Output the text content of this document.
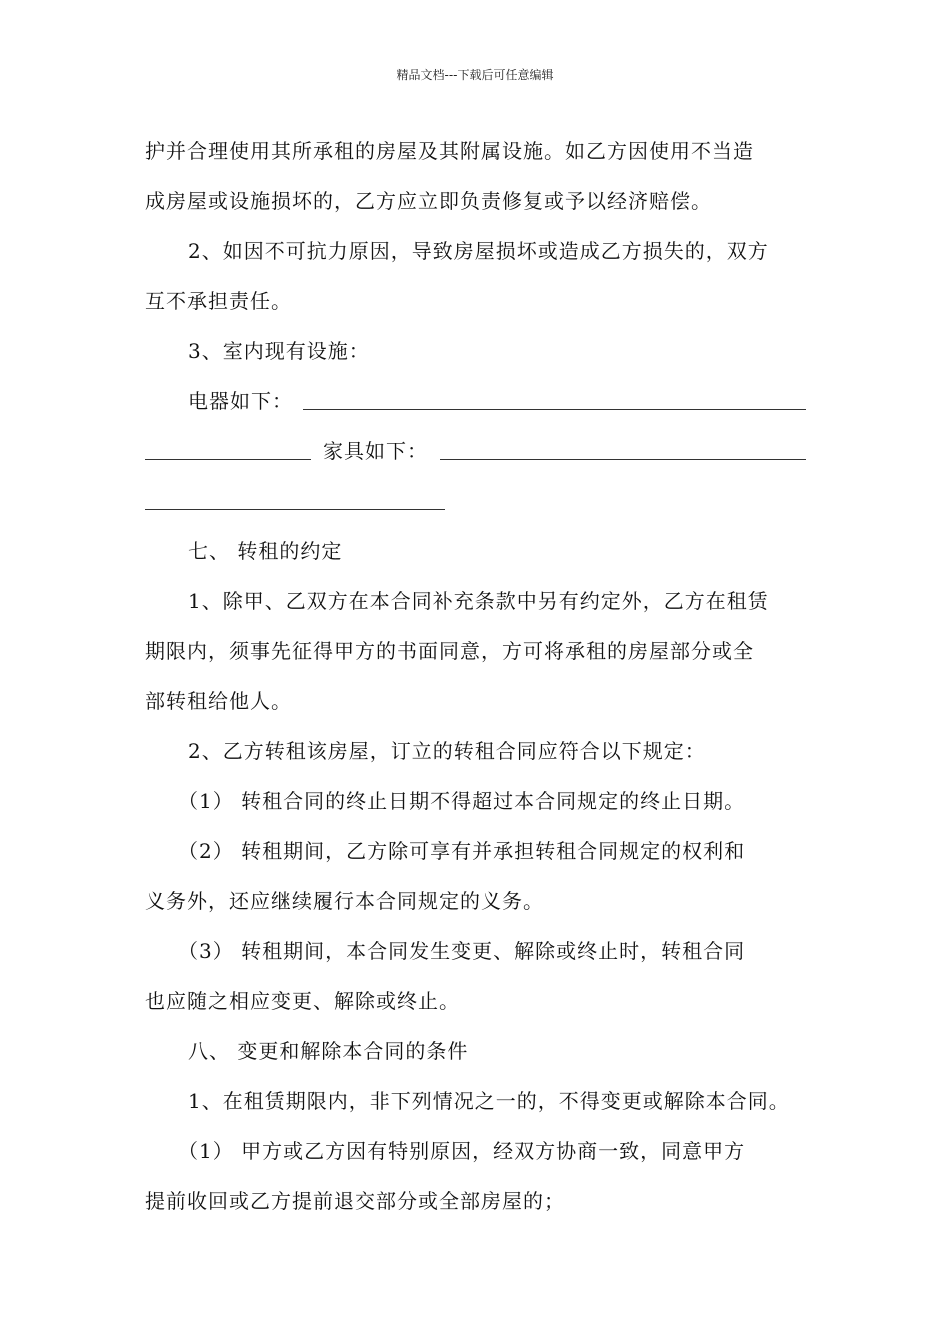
精品文档---下载后可任意编辑
护并合理使用其所承租的房屋及其附属设施。如乙方因使用不当造
成房屋或设施损坏的，乙方应立即负责修复或予以经济赔偿。
2、如因不可抗力原因，导致房屋损坏或造成乙方损失的，双方
互不承担责任。
3、室内现有设施：
电器如下：
家具如下：
七、 转租的约定
1、除甲、乙双方在本合同补充条款中另有约定外，乙方在租赁
期限内，须事先征得甲方的书面同意，方可将承租的房屋部分或全
部转租给他人。
2、乙方转租该房屋，订立的转租合同应符合以下规定：
（1） 转租合同的终止日期不得超过本合同规定的终止日期。
（2） 转租期间，乙方除可享有并承担转租合同规定的权利和
义务外，还应继续履行本合同规定的义务。
（3） 转租期间，本合同发生变更、解除或终止时，转租合同
也应随之相应变更、解除或终止。
八、 变更和解除本合同的条件
1、在租赁期限内，非下列情况之一的，不得变更或解除本合同。
（1） 甲方或乙方因有特别原因，经双方协商一致，同意甲方
提前收回或乙方提前退交部分或全部房屋的；
